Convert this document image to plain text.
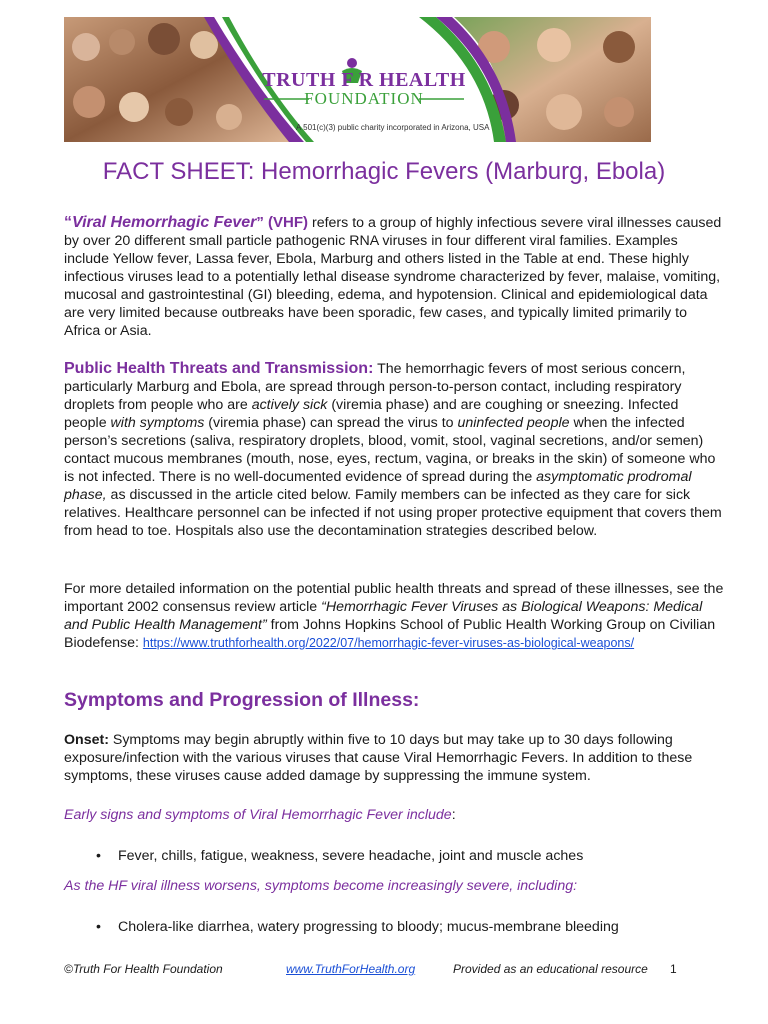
TRUTH F R HEALTH
FOUNDATION
A 501(c)(3) public charity incorporated in Arizona, USA
FACT SHEET: Hemorrhagic Fevers (Marburg, Ebola)

“Viral Hemorrhagic Fever” (VHF) refers to a group of highly infectious severe viral illnesses caused by over 20 different small particle pathogenic RNA viruses in four different viral families. Examples include Yellow fever, Lassa fever, Ebola, Marburg and others listed in the Table at end. These highly infectious viruses lead to a potentially lethal disease syndrome characterized by fever, malaise, vomiting, mucosal and gastrointestinal (GI) bleeding, edema, and hypotension. Clinical and epidemiological data are very limited because outbreaks have been sporadic, few cases, and typically limited primarily to Africa or Asia.

Public Health Threats and Transmission: The hemorrhagic fevers of most serious concern, particularly Marburg and Ebola, are spread through person-to-person contact, including respiratory droplets from people who are actively sick (viremia phase) and are coughing or sneezing. Infected people with symptoms (viremia phase) can spread the virus to uninfected people when the infected person’s secretions (saliva, respiratory droplets, blood, vomit, stool, vaginal secretions, and/or semen) contact mucous membranes (mouth, nose, eyes, rectum, vagina, or breaks in the skin) of someone who is not infected. There is no well-documented evidence of spread during the asymptomatic prodromal phase, as discussed in the article cited below. Family members can be infected as they care for sick relatives. Healthcare personnel can be infected if not using proper protective equipment that covers them from head to toe. Hospitals also use the decontamination strategies described below.

For more detailed information on the potential public health threats and spread of these illnesses, see the important 2002 consensus review article “Hemorrhagic Fever Viruses as Biological Weapons: Medical and Public Health Management” from Johns Hopkins School of Public Health Working Group on Civilian Biodefense: https://www.truthforhealth.org/2022/07/hemorrhagic-fever-viruses-as-biological-weapons/

Symptoms and Progression of Illness:

Onset: Symptoms may begin abruptly within five to 10 days but may take up to 30 days following exposure/infection with the various viruses that cause Viral Hemorrhagic Fevers. In addition to these symptoms, these viruses cause added damage by suppressing the immune system.

Early signs and symptoms of Viral Hemorrhagic Fever include:

• Fever, chills, fatigue, weakness, severe headache, joint and muscle aches

As the HF viral illness worsens, symptoms become increasingly severe, including:

• Cholera-like diarrhea, watery progressing to bloody; mucus-membrane bleeding

©Truth For Health Foundation	www.TruthForHealth.org	Provided as an educational resource 1
